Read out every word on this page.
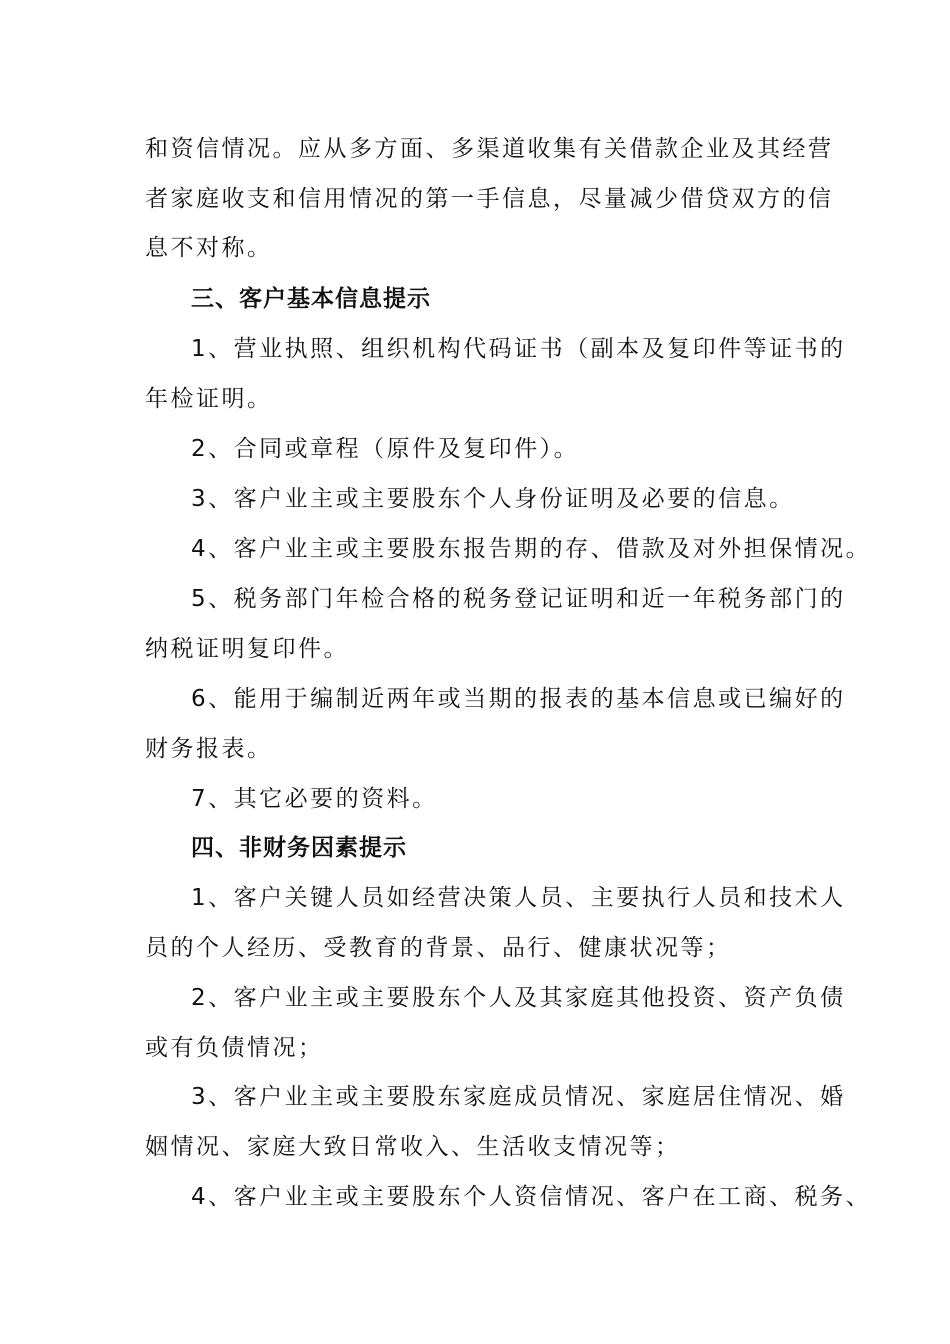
和资信情况。应从多方面、多渠道收集有关借款企业及其经营
者家庭收支和信用情况的第一手信息，尽量减少借贷双方的信
息不对称。
三、客户基本信息提示
1、营业执照、组织机构代码证书（副本及复印件等证书的
年检证明。
2、合同或章程（原件及复印件）。
3、客户业主或主要股东个人身份证明及必要的信息。
4、客户业主或主要股东报告期的存、借款及对外担保情况。
5、税务部门年检合格的税务登记证明和近一年税务部门的
纳税证明复印件。
6、能用于编制近两年或当期的报表的基本信息或已编好的
财务报表。
7、其它必要的资料。
四、非财务因素提示
1、客户关键人员如经营决策人员、主要执行人员和技术人
员的个人经历、受教育的背景、品行、健康状况等；
2、客户业主或主要股东个人及其家庭其他投资、资产负债
或有负债情况；
3、客户业主或主要股东家庭成员情况、家庭居住情况、婚
姻情况、家庭大致日常收入、生活收支情况等；
4、客户业主或主要股东个人资信情况、客户在工商、税务、
